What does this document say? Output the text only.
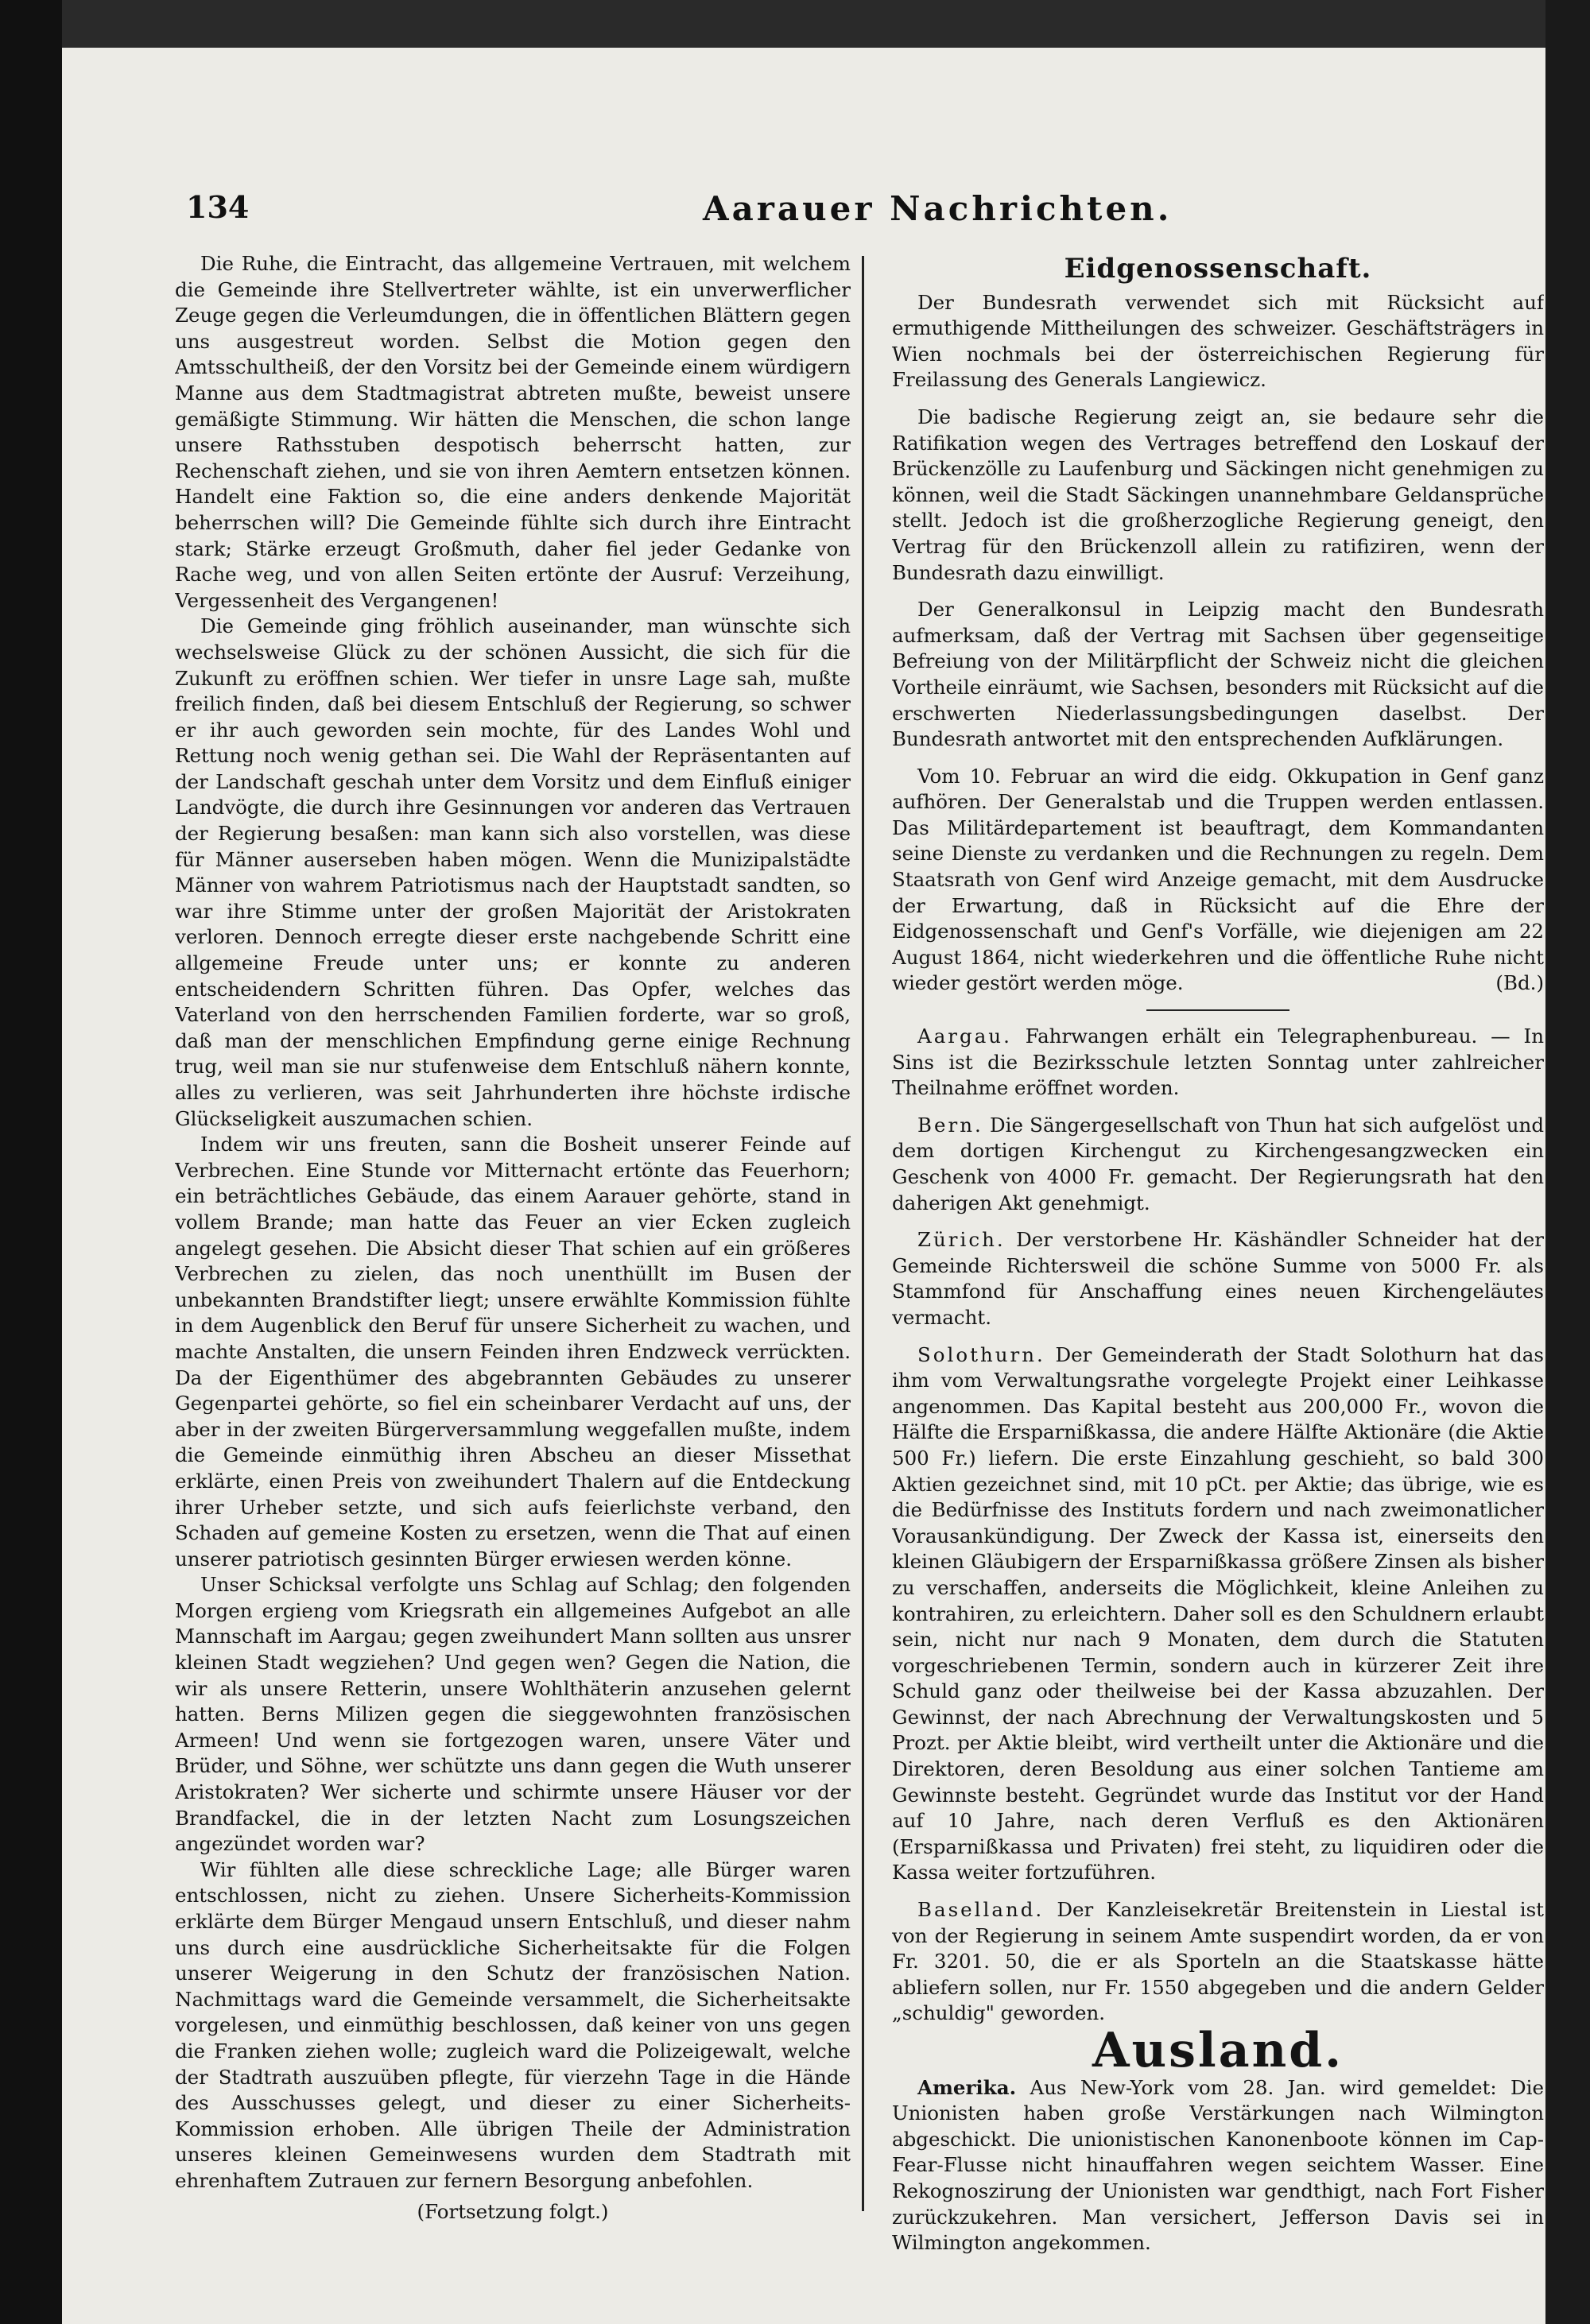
134	Aarauer Nachrichten.

Die Ruhe, die Eintracht, das allgemeine Vertrauen, mit welchem die Gemeinde ihre Stellvertreter wählte, ist ein unverwerflicher Zeuge gegen die Verleumdungen, die in öffentlichen Blättern gegen uns ausgestreut worden. Selbst die Motion gegen den Amtsschultheiß, der den Vorsitz bei der Gemeinde einem würdigern Manne aus dem Stadtmagistrat abtreten mußte, beweist unsere gemäßigte Stimmung. Wir hätten die Menschen, die schon lange unsere Rathsstuben despotisch beherrscht hatten, zur Rechenschaft ziehen, und sie von ihren Aemtern entsetzen können. Handelt eine Faktion so, die eine anders denkende Majorität beherrschen will? Die Gemeinde fühlte sich durch ihre Eintracht stark; Stärke erzeugt Großmuth, daher fiel jeder Gedanke von Rache weg, und von allen Seiten ertönte der Ausruf: Verzeihung, Vergessenheit des Vergangenen!

Die Gemeinde ging fröhlich auseinander, man wünschte sich wechselsweise Glück zu der schönen Aussicht, die sich für die Zukunft zu eröffnen schien. Wer tiefer in unsre Lage sah, mußte freilich finden, daß bei diesem Entschluß der Regierung, so schwer er ihr auch geworden sein mochte, für des Landes Wohl und Rettung noch wenig gethan sei. Die Wahl der Repräsentanten auf der Landschaft geschah unter dem Vorsitz und dem Einfluß einiger Landvögte, die durch ihre Gesinnungen vor anderen das Vertrauen der Regierung besaßen: man kann sich also vorstellen, was diese für Männer auserseben haben mögen. Wenn die Munizipalstädte Männer von wahrem Patriotismus nach der Hauptstadt sandten, so war ihre Stimme unter der großen Majorität der Aristokraten verloren. Dennoch erregte dieser erste nachgebende Schritt eine allgemeine Freude unter uns; er konnte zu anderen entscheidendern Schritten führen. Das Opfer, welches das Vaterland von den herrschenden Familien forderte, war so groß, daß man der menschlichen Empfindung gerne einige Rechnung trug, weil man sie nur stufenweise dem Entschluß nähern konnte, alles zu verlieren, was seit Jahrhunderten ihre höchste irdische Glückseligkeit auszumachen schien.

Indem wir uns freuten, sann die Bosheit unserer Feinde auf Verbrechen. Eine Stunde vor Mitternacht ertönte das Feuerhorn; ein beträchtliches Gebäude, das einem Aarauer gehörte, stand in vollem Brande; man hatte das Feuer an vier Ecken zugleich angelegt gesehen. Die Absicht dieser That schien auf ein größeres Verbrechen zu zielen, das noch unenthüllt im Busen der unbekannten Brandstifter liegt; unsere erwählte Kommission fühlte in dem Augenblick den Beruf für unsere Sicherheit zu wachen, und machte Anstalten, die unsern Feinden ihren Endzweck verrückten. Da der Eigenthümer des abgebrannten Gebäudes zu unserer Gegenpartei gehörte, so fiel ein scheinbarer Verdacht auf uns, der aber in der zweiten Bürgerversammlung weggefallen mußte, indem die Gemeinde einmüthig ihren Abscheu an dieser Missethat erklärte, einen Preis von zweihundert Thalern auf die Entdeckung ihrer Urheber setzte, und sich aufs feierlichste verband, den Schaden auf gemeine Kosten zu ersetzen, wenn die That auf einen unserer patriotisch gesinnten Bürger erwiesen werden könne.

Unser Schicksal verfolgte uns Schlag auf Schlag; den folgenden Morgen ergieng vom Kriegsrath ein allgemeines Aufgebot an alle Mannschaft im Aargau; gegen zweihundert Mann sollten aus unsrer kleinen Stadt wegziehen? Und gegen wen? Gegen die Nation, die wir als unsere Retterin, unsere Wohlthäterin anzusehen gelernt hatten. Berns Milizen gegen die sieggewohnten französischen Armeen! Und wenn sie fortgezogen waren, unsere Väter und Brüder, und Söhne, wer schützte uns dann gegen die Wuth unserer Aristokraten? Wer sicherte und schirmte unsere Häuser vor der Brandfackel, die in der letzten Nacht zum Losungszeichen angezündet worden war?

Wir fühlten alle diese schreckliche Lage; alle Bürger waren entschlossen, nicht zu ziehen. Unsere Sicherheits-Kommission erklärte dem Bürger Mengaud unsern Entschluß, und dieser nahm uns durch eine ausdrückliche Sicherheitsakte für die Folgen unserer Weigerung in den Schutz der französischen Nation. Nachmittags ward die Gemeinde versammelt, die Sicherheitsakte vorgelesen, und einmüthig beschlossen, daß keiner von uns gegen die Franken ziehen wolle; zugleich ward die Polizeigewalt, welche der Stadtrath auszuüben pflegte, für vierzehn Tage in die Hände des Ausschusses gelegt, und dieser zu einer Sicherheits-Kommission erhoben. Alle übrigen Theile der Administration unseres kleinen Gemeinwesens wurden dem Stadtrath mit ehrenhaftem Zutrauen zur fernern Besorgung anbefohlen.

(Fortsetzung folgt.)
Eidgenossenschaft.

Der Bundesrath verwendet sich mit Rücksicht auf ermuthigende Mittheilungen des schweizer. Geschäftsträgers in Wien nochmals bei der österreichischen Regierung für Freilassung des Generals Langiewicz.

Die badische Regierung zeigt an, sie bedaure sehr die Ratifikation wegen des Vertrages betreffend den Loskauf der Brückenzölle zu Laufenburg und Säckingen nicht genehmigen zu können, weil die Stadt Säckingen unannehmbare Geldansprüche stellt. Jedoch ist die großherzogliche Regierung geneigt, den Vertrag für den Brückenzoll allein zu ratifiziren, wenn der Bundesrath dazu einwilligt.

Der Generalkonsul in Leipzig macht den Bundesrath aufmerksam, daß der Vertrag mit Sachsen über gegenseitige Befreiung von der Militärpflicht der Schweiz nicht die gleichen Vortheile einräumt, wie Sachsen, besonders mit Rücksicht auf die erschwerten Niederlassungsbedingungen daselbst. Der Bundesrath antwortet mit den entsprechenden Aufklärungen.

Vom 10. Februar an wird die eidg. Okkupation in Genf ganz aufhören. Der Generalstab und die Truppen werden entlassen. Das Militärdepartement ist beauftragt, dem Kommandanten seine Dienste zu verdanken und die Rechnungen zu regeln. Dem Staatsrath von Genf wird Anzeige gemacht, mit dem Ausdrucke der Erwartung, daß in Rücksicht auf die Ehre der Eidgenossenschaft und Genf's Vorfälle, wie diejenigen am 22 August 1864, nicht wiederkehren und die öffentliche Ruhe nicht wieder gestört werden möge.	(Bd.)

Aargau. Fahrwangen erhält ein Telegraphenbureau. — In Sins ist die Bezirksschule letzten Sonntag unter zahlreicher Theilnahme eröffnet worden.

Bern. Die Sängergesellschaft von Thun hat sich aufgelöst und dem dortigen Kirchengut zu Kirchengesangzwecken ein Geschenk von 4000 Fr. gemacht. Der Regierungsrath hat den daherigen Akt genehmigt.

Zürich. Der verstorbene Hr. Käshändler Schneider hat der Gemeinde Richtersweil die schöne Summe von 5000 Fr. als Stammfond für Anschaffung eines neuen Kirchengeläutes vermacht.

Solothurn. Der Gemeinderath der Stadt Solothurn hat das ihm vom Verwaltungsrathe vorgelegte Projekt einer Leihkasse angenommen. Das Kapital besteht aus 200,000 Fr., wovon die Hälfte die Ersparnißkassa, die andere Hälfte Aktionäre (die Aktie 500 Fr.) liefern. Die erste Einzahlung geschieht, so bald 300 Aktien gezeichnet sind, mit 10 pCt. per Aktie; das übrige, wie es die Bedürfnisse des Instituts fordern und nach zweimonatlicher Vorausankündigung. Der Zweck der Kassa ist, einerseits den kleinen Gläubigern der Ersparnißkassa größere Zinsen als bisher zu verschaffen, anderseits die Möglichkeit, kleine Anleihen zu kontrahiren, zu erleichtern. Daher soll es den Schuldnern erlaubt sein, nicht nur nach 9 Monaten, dem durch die Statuten vorgeschriebenen Termin, sondern auch in kürzerer Zeit ihre Schuld ganz oder theilweise bei der Kassa abzuzahlen. Der Gewinnst, der nach Abrechnung der Verwaltungskosten und 5 Prozt. per Aktie bleibt, wird vertheilt unter die Aktionäre und die Direktoren, deren Besoldung aus einer solchen Tantieme am Gewinnste besteht. Gegründet wurde das Institut vor der Hand auf 10 Jahre, nach deren Verfluß es den Aktionären (Ersparnißkassa und Privaten) frei steht, zu liquidiren oder die Kassa weiter fortzuführen.

Baselland. Der Kanzleisekretär Breitenstein in Liestal ist von der Regierung in seinem Amte suspendirt worden, da er von Fr. 3201. 50, die er als Sporteln an die Staatskasse hätte abliefern sollen, nur Fr. 1550 abgegeben und die andern Gelder „schuldig" geworden.

Ausland.

Amerika. Aus New-York vom 28. Jan. wird gemeldet: Die Unionisten haben große Verstärkungen nach Wilmington abgeschickt. Die unionistischen Kanonenboote können im Cap-Fear-Flusse nicht hinauffahren wegen seichtem Wasser. Eine Rekognoszirung der Unionisten war gendthigt, nach Fort Fisher zurückzukehren. Man versichert, Jefferson Davis sei in Wilmington angekommen.
